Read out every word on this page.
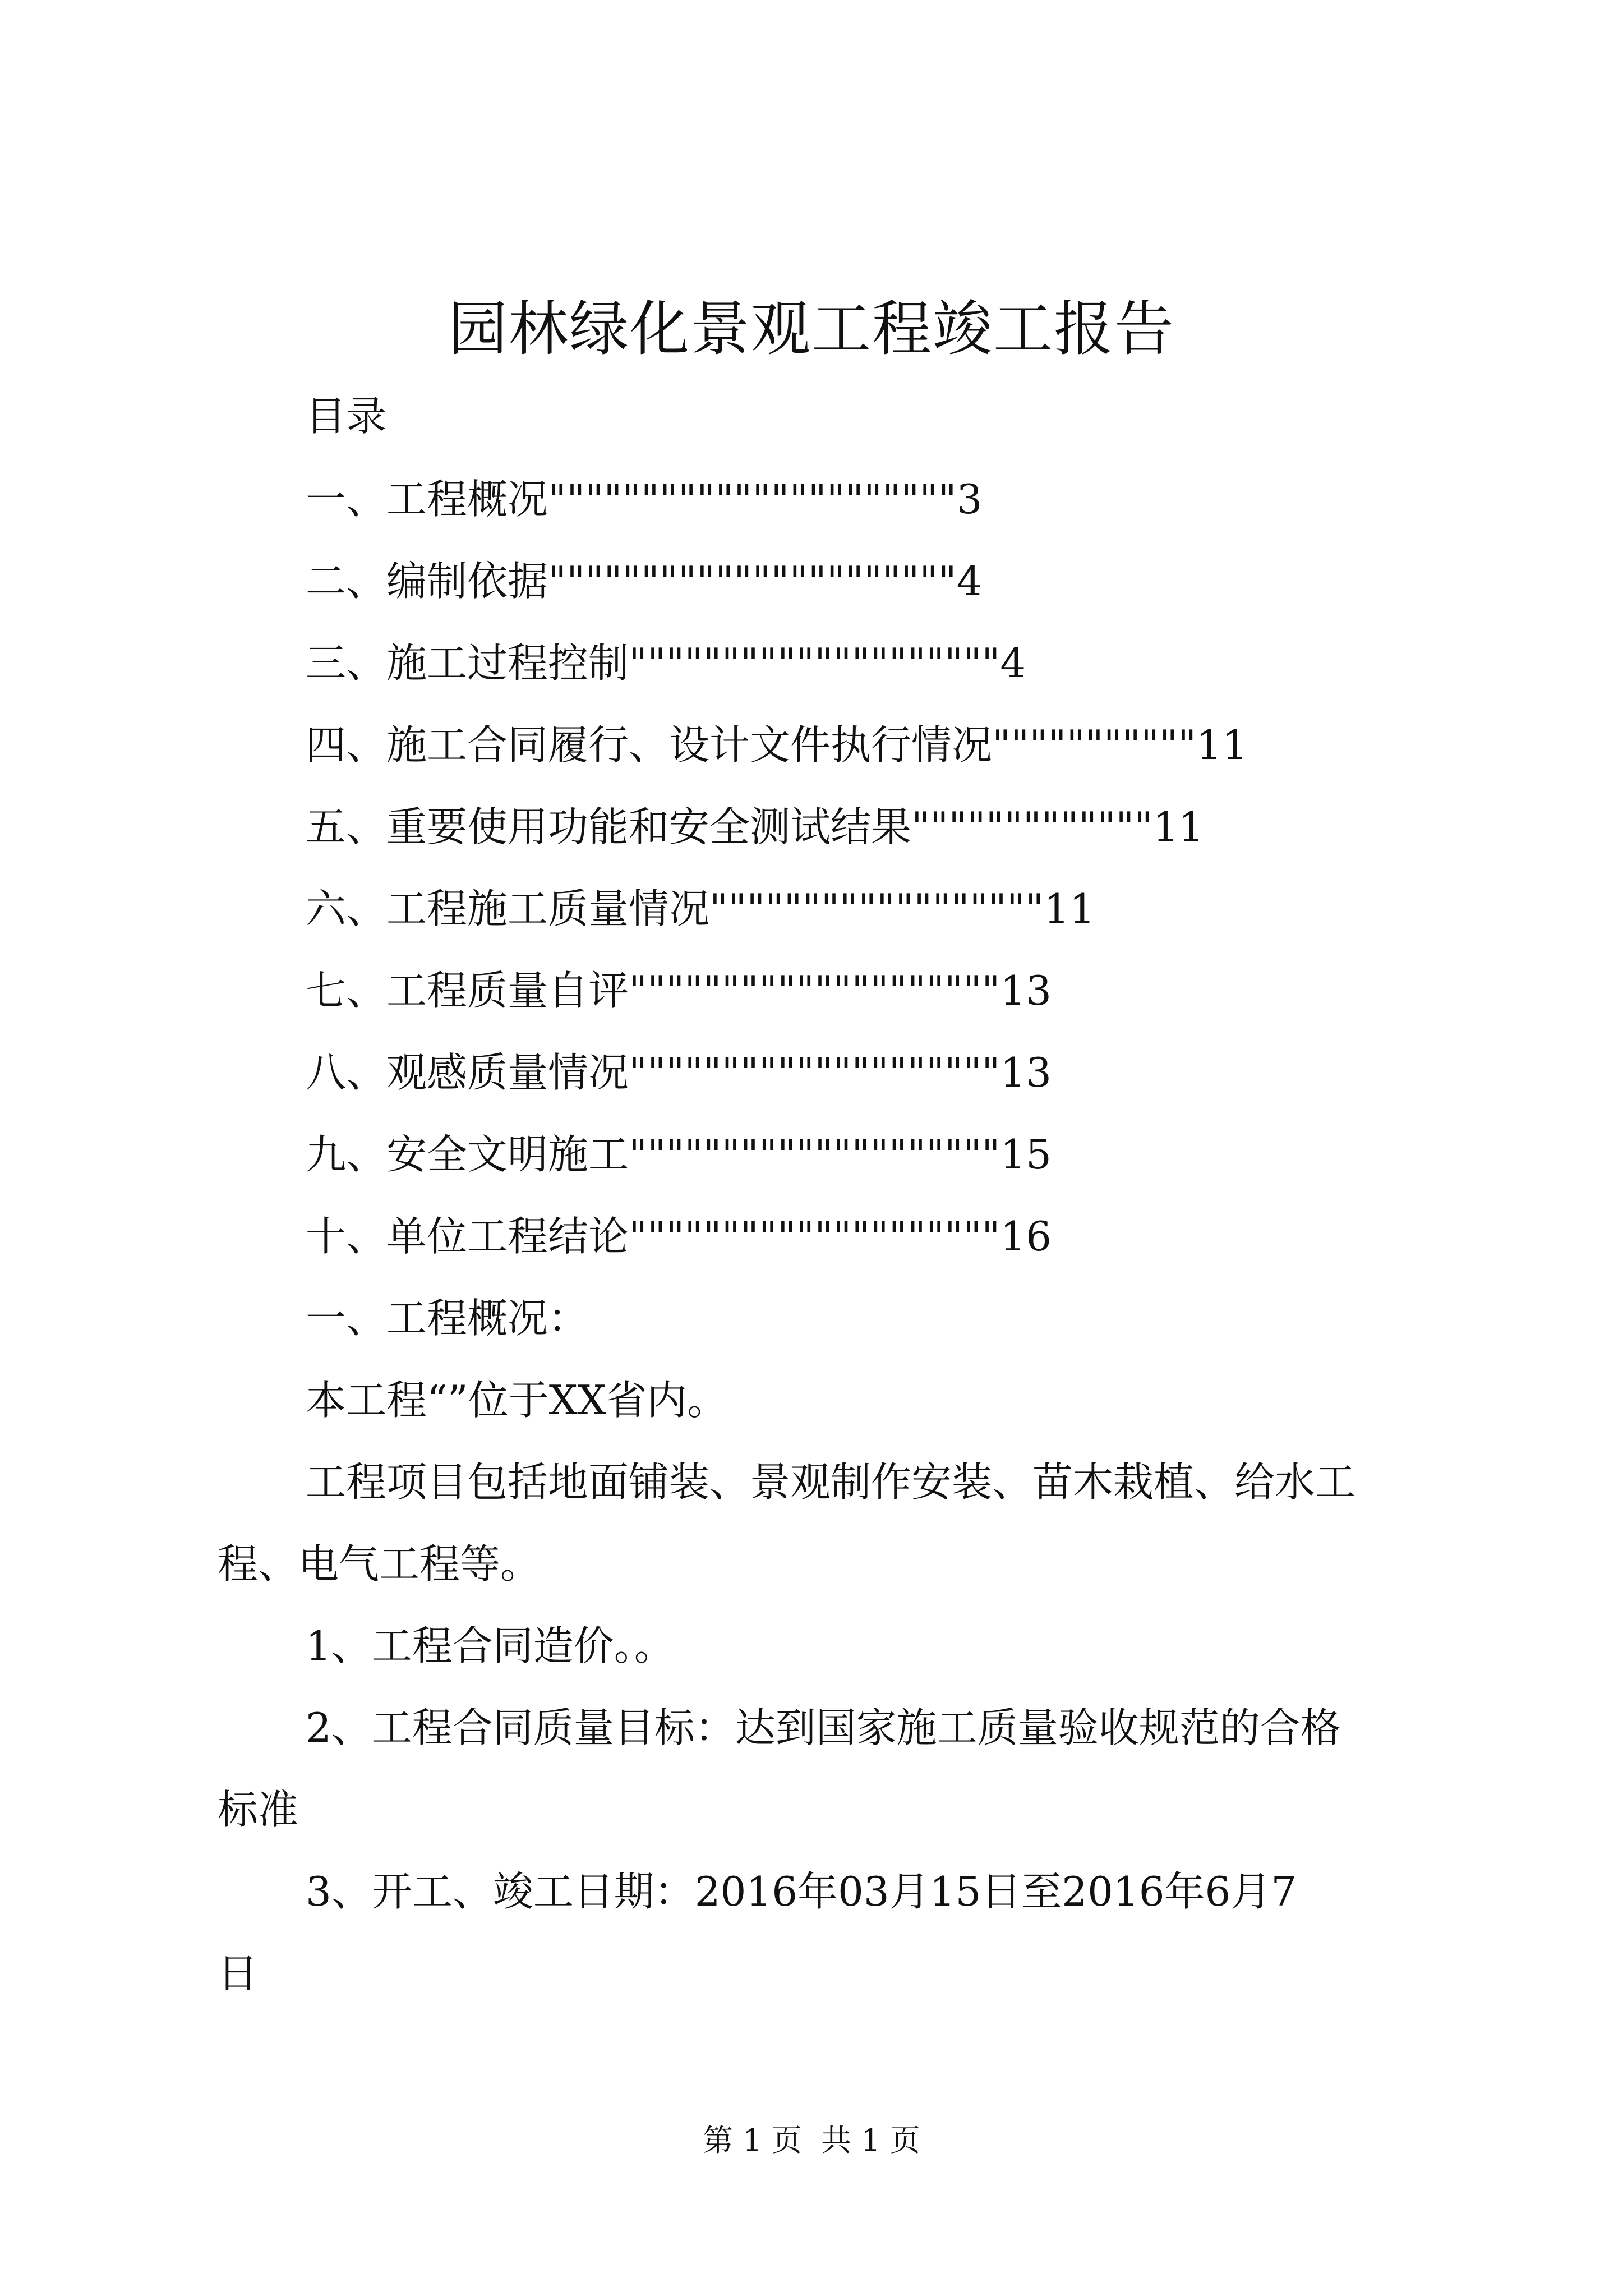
园林绿化景观工程竣工报告

目录

一、工程概况""""""""""""""""""""""3

二、编制依据""""""""""""""""""""""4

三、施工过程控制""""""""""""""""""""4

四、施工合同履行、设计文件执行情况"""""""""""11

五、重要使用功能和安全测试结果"""""""""""""11

六、工程施工质量情况""""""""""""""""""11

七、工程质量自评""""""""""""""""""""13

八、观感质量情况""""""""""""""""""""13

九、安全文明施工""""""""""""""""""""15

十、单位工程结论""""""""""""""""""""16

一、工程概况：

本工程“”位于XX省内。

工程项目包括地面铺装、景观制作安装、苗木栽植、给水工

程、电气工程等。

1、工程合同造价。。

2、工程合同质量目标：达到国家施工质量验收规范的合格

标准

3、开工、竣工日期：2016年03月15日至2016年6月7

日

第 1 页  共 1 页
